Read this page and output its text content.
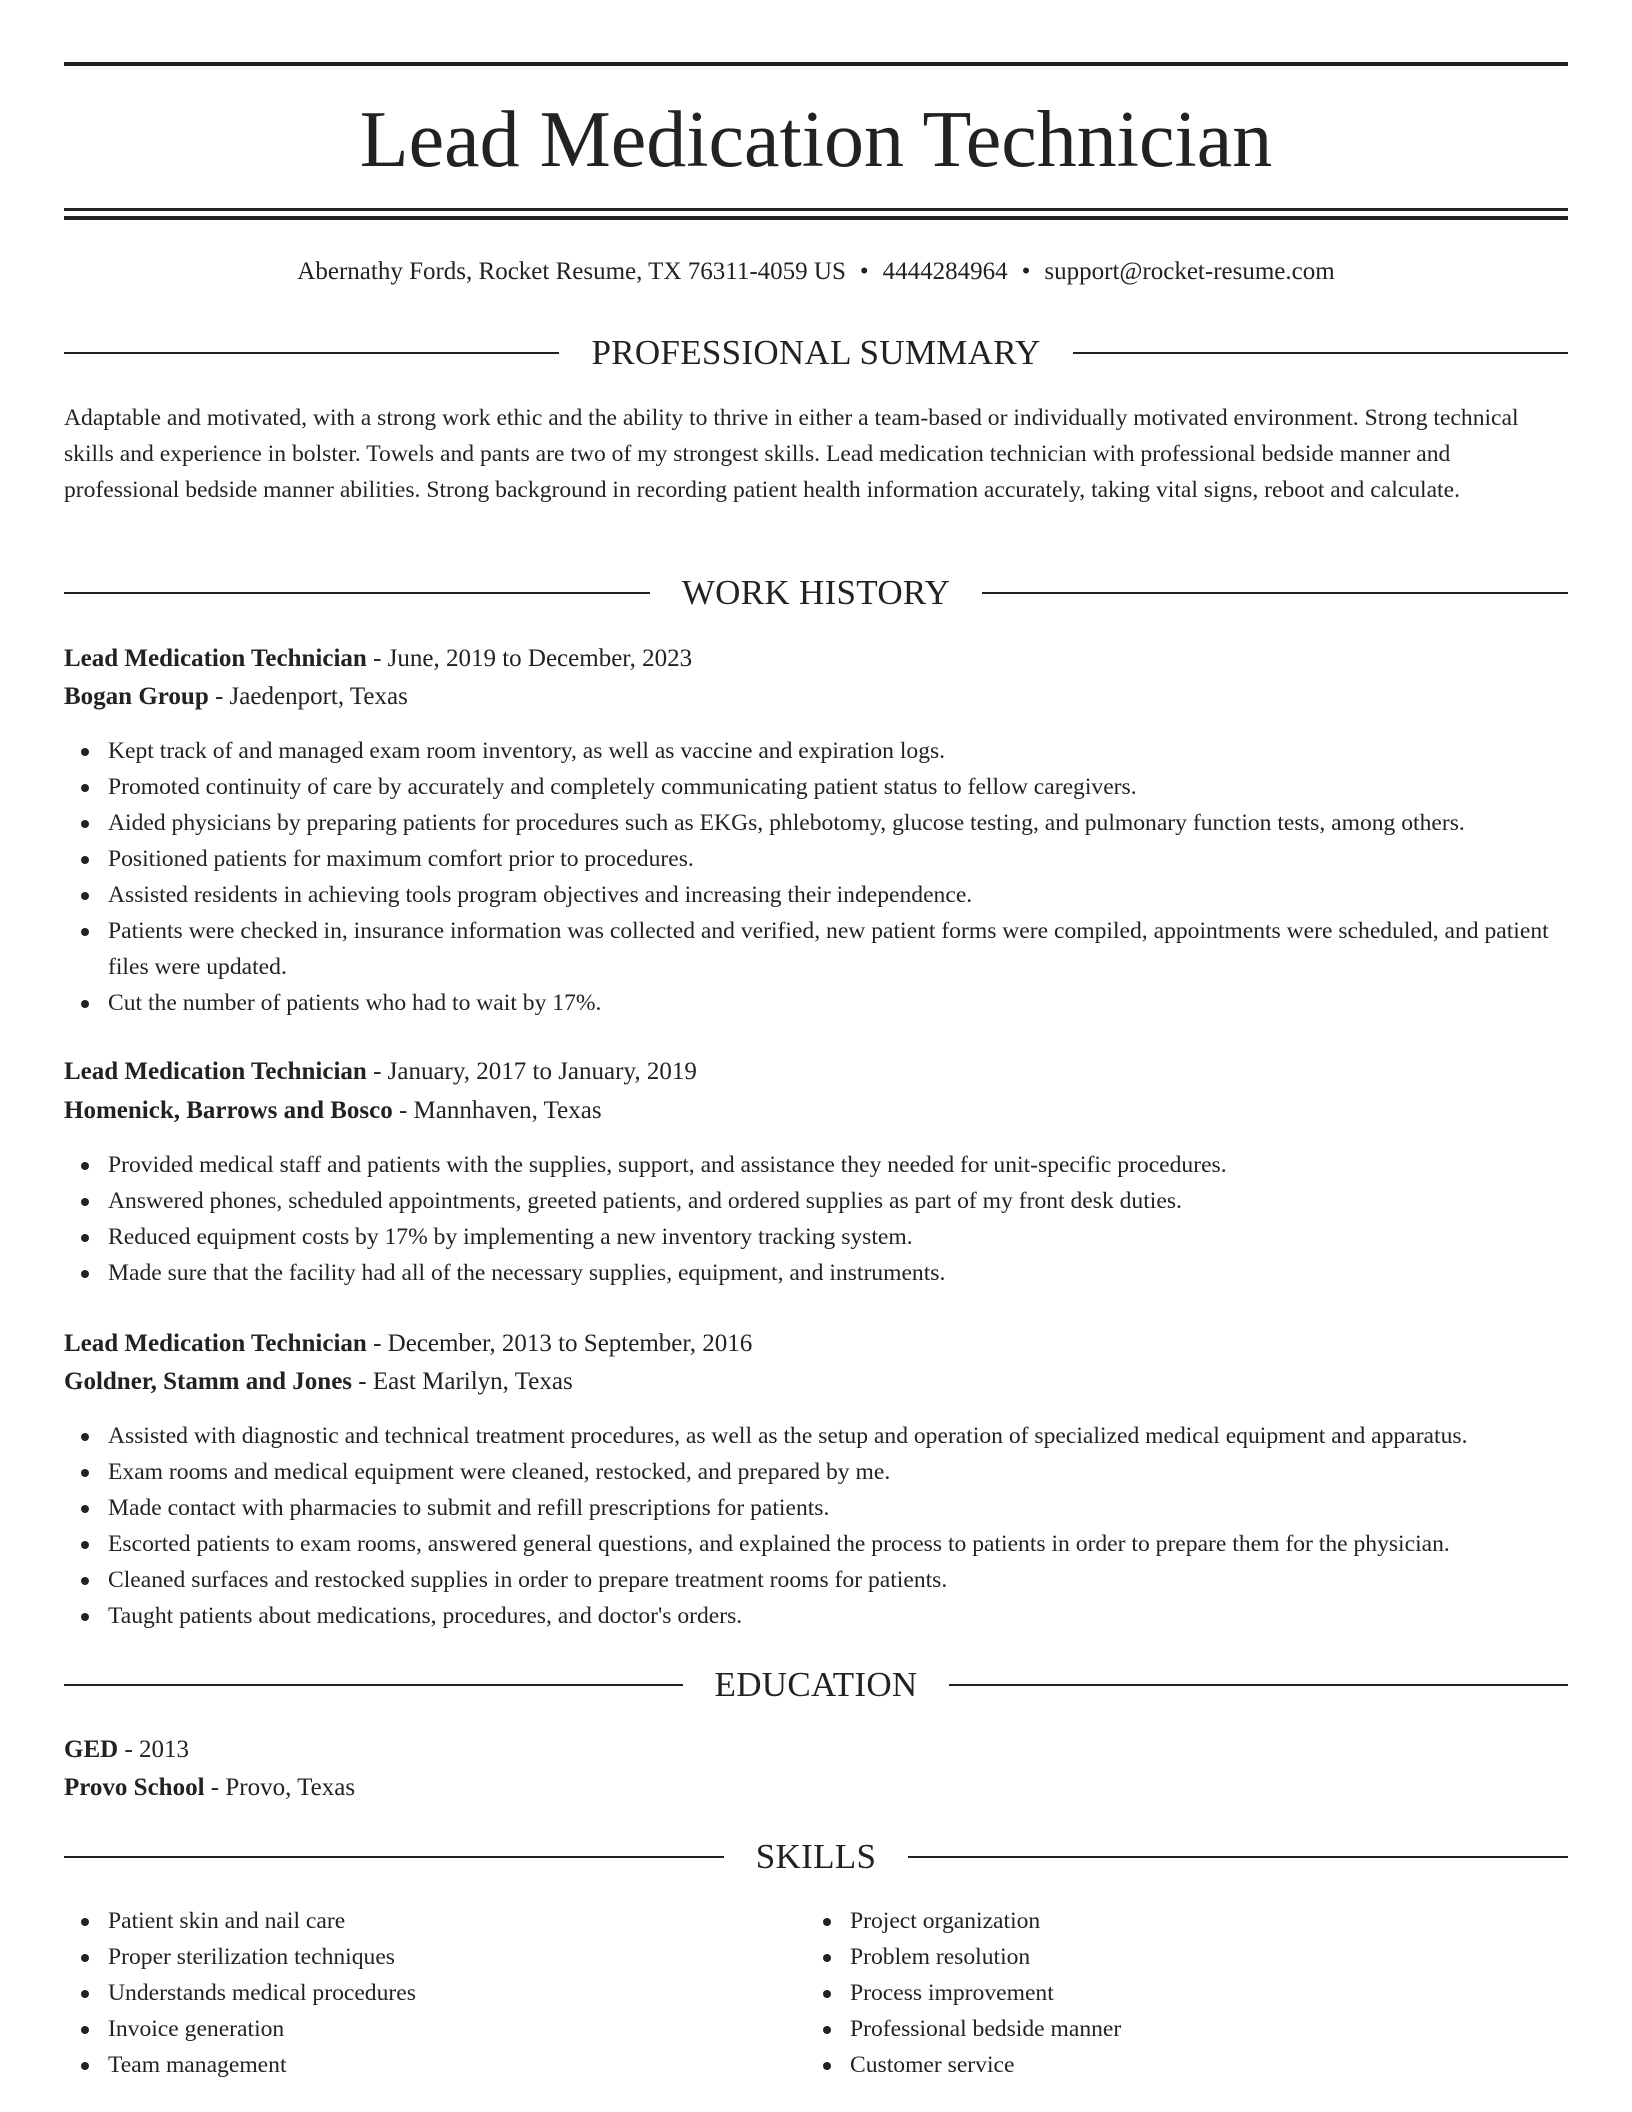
Lead Medication Technician
Abernathy Fords, Rocket Resume, TX 76311-4059 US • 4444284964 • support@rocket-resume.com
PROFESSIONAL SUMMARY

Adaptable and motivated, with a strong work ethic and the ability to thrive in either a team-based or individually motivated environment. Strong technical skills and experience in bolster. Towels and pants are two of my strongest skills. Lead medication technician with professional bedside manner and professional bedside manner abilities. Strong background in recording patient health information accurately, taking vital signs, reboot and calculate.

WORK HISTORY
Lead Medication Technician - June, 2019 to December, 2023
Bogan Group - Jaedenport, Texas
Kept track of and managed exam room inventory, as well as vaccine and expiration logs.
Promoted continuity of care by accurately and completely communicating patient status to fellow caregivers.
Aided physicians by preparing patients for procedures such as EKGs, phlebotomy, glucose testing, and pulmonary function tests, among others.
Positioned patients for maximum comfort prior to procedures.
Assisted residents in achieving tools program objectives and increasing their independence.
Patients were checked in, insurance information was collected and verified, new patient forms were compiled, appointments were scheduled, and patient files were updated.
Cut the number of patients who had to wait by 17%.
Lead Medication Technician - January, 2017 to January, 2019
Homenick, Barrows and Bosco - Mannhaven, Texas
Provided medical staff and patients with the supplies, support, and assistance they needed for unit-specific procedures.
Answered phones, scheduled appointments, greeted patients, and ordered supplies as part of my front desk duties.
Reduced equipment costs by 17% by implementing a new inventory tracking system.
Made sure that the facility had all of the necessary supplies, equipment, and instruments.
Lead Medication Technician - December, 2013 to September, 2016
Goldner, Stamm and Jones - East Marilyn, Texas
Assisted with diagnostic and technical treatment procedures, as well as the setup and operation of specialized medical equipment and apparatus.
Exam rooms and medical equipment were cleaned, restocked, and prepared by me.
Made contact with pharmacies to submit and refill prescriptions for patients.
Escorted patients to exam rooms, answered general questions, and explained the process to patients in order to prepare them for the physician.
Cleaned surfaces and restocked supplies in order to prepare treatment rooms for patients.
Taught patients about medications, procedures, and doctor's orders.
EDUCATION
GED - 2013
Provo School - Provo, Texas
SKILLS
Patient skin and nail care
Proper sterilization techniques
Understands medical procedures
Invoice generation
Team management
Project organization
Problem resolution
Process improvement
Professional bedside manner
Customer service
